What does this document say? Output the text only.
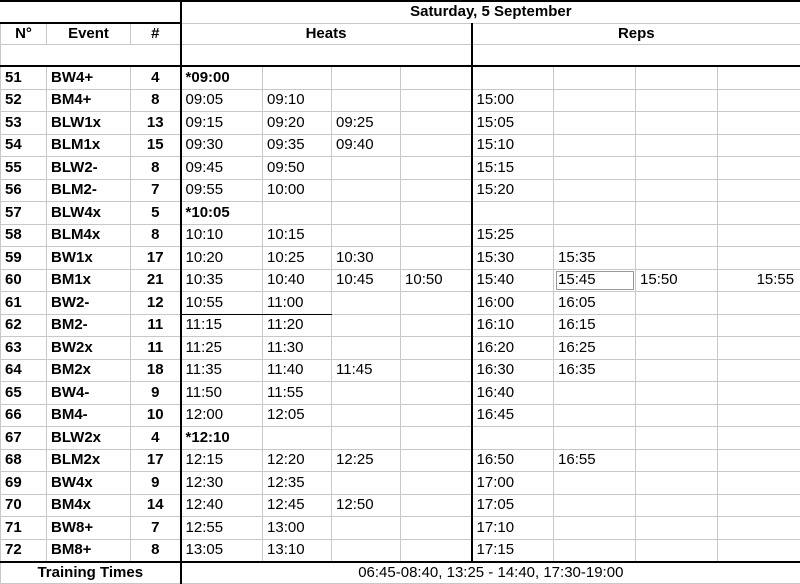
			Saturday, 5 September							
N°	Event	#	Heats				Reps			

51	BW4+	4	*09:00							
52	BM4+	8	09:05	09:10			15:00			
53	BLW1x	13	09:15	09:20	09:25		15:05			
54	BLM1x	15	09:30	09:35	09:40		15:10			
55	BLW2-	8	09:45	09:50			15:15			
56	BLM2-	7	09:55	10:00			15:20			
57	BLW4x	5	*10:05							
58	BLM4x	8	10:10	10:15			15:25			
59	BW1x	17	10:20	10:25	10:30		15:30	15:35		
60	BM1x	21	10:35	10:40	10:45	10:50	15:40	15:45	15:50	15:55
61	BW2-	12	10:55	11:00			16:00	16:05		
62	BM2-	11	11:15	11:20			16:10	16:15		
63	BW2x	11	11:25	11:30			16:20	16:25		
64	BM2x	18	11:35	11:40	11:45		16:30	16:35		
65	BW4-	9	11:50	11:55			16:40			
66	BM4-	10	12:00	12:05			16:45			
67	BLW2x	4	*12:10							
68	BLM2x	17	12:15	12:20	12:25		16:50	16:55		
69	BW4x	9	12:30	12:35			17:00			
70	BM4x	14	12:40	12:45	12:50		17:05			
71	BW8+	7	12:55	13:00			17:10			
72	BM8+	8	13:05	13:10			17:15			
Training Times			06:45-08:40, 13:25 - 14:40, 17:30-19:00							
